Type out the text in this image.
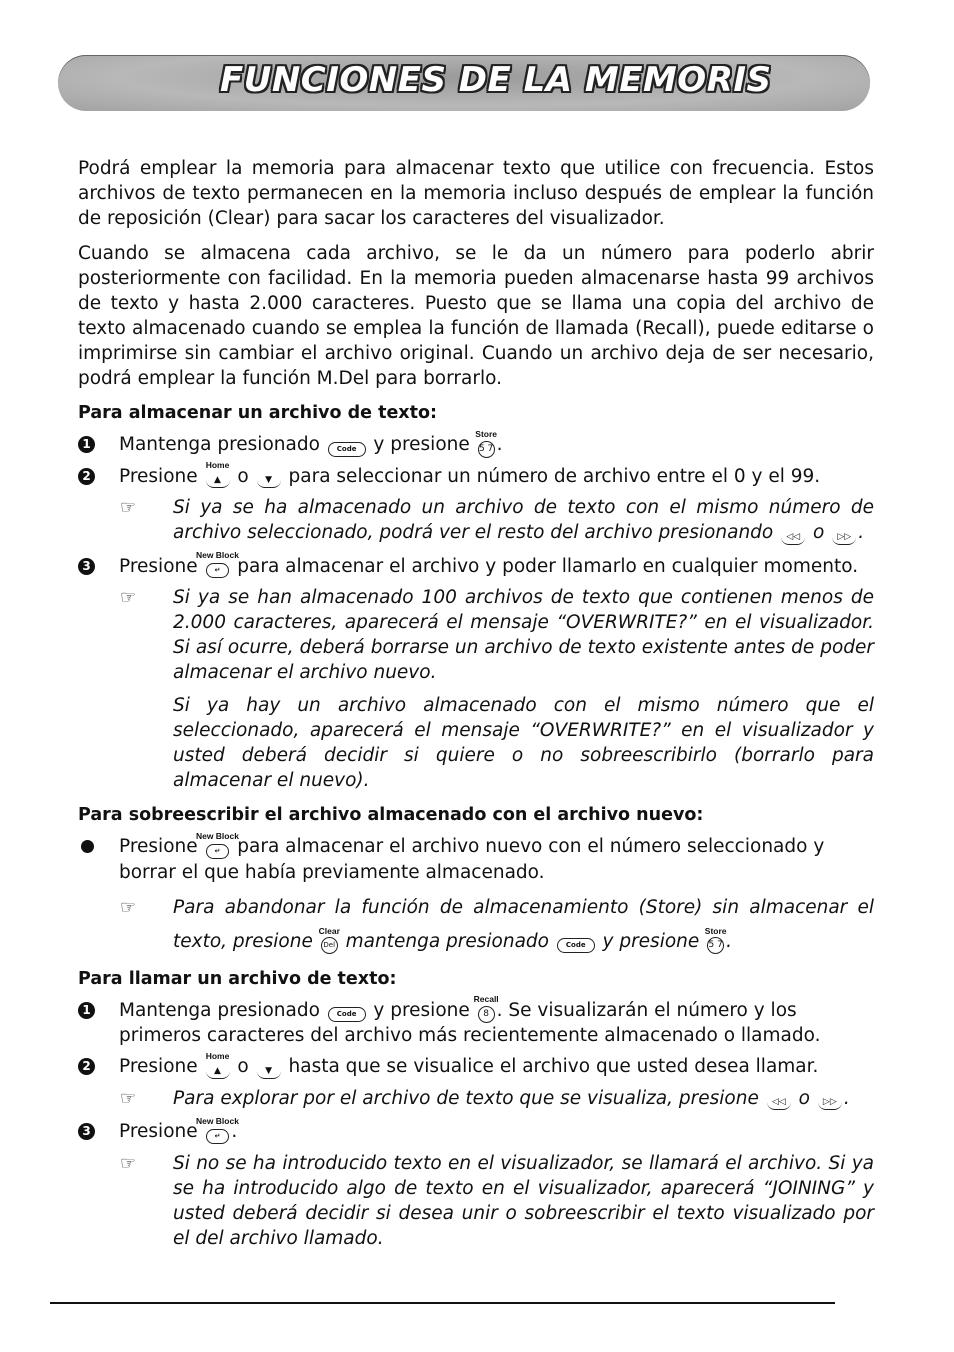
FUNCIONES DE LA MEMORIS

Podrá emplear la memoria para almacenar texto que utilice con frecuencia. Estos archivos de texto permanecen en la memoria incluso después de emplear la función de reposición (Clear) para sacar los caracteres del visualizador.

Cuando se almacena cada archivo, se le da un número para poderlo abrir posteriormente con facilidad. En la memoria pueden almacenarse hasta 99 archivos de texto y hasta 2.000 caracteres. Puesto que se llama una copia del archivo de texto almacenado cuando se emplea la función de llamada (Recall), puede editarse o imprimirse sin cambiar el archivo original. Cuando un archivo deja de ser necesario, podrá emplear la función M.Del para borrarlo.

Para almacenar un archivo de texto:
1 Mantenga presionado Code y presione
Store
5 7 .
2 Presione
Home
▲ o ▼ para seleccionar un número de archivo entre el 0 y el 99.
☞ Si ya se ha almacenado un archivo de texto con el mismo número de archivo seleccionado, podrá ver el resto del archivo presionando ◁◁ o ▷▷ .
3 Presione
New Block
↵ para almacenar el archivo y poder llamarlo en cualquier momento.
☞ Si ya se han almacenado 100 archivos de texto que contienen menos de 2.000 caracteres, aparecerá el mensaje “OVERWRITE?” en el visualizador. Si así ocurre, deberá borrarse un archivo de texto existente antes de poder almacenar el archivo nuevo.
Si ya hay un archivo almacenado con el mismo número que el seleccionado, aparecerá el mensaje “OVERWRITE?” en el visualizador y usted deberá decidir si quiere o no sobreescribirlo (borrarlo para almacenar el nuevo).
Para sobreescribir el archivo almacenado con el archivo nuevo:
Presione
New Block
↵ para almacenar el archivo nuevo con el número seleccionado y borrar el que había previamente almacenado.
☞ Para abandonar la función de almacenamiento (Store) sin almacenar el texto, presione Clear
Del mantenga presionado Code y presione Store
5 7 .
Para llamar un archivo de texto:
1 Mantenga presionado Code y presione
Recall
8 . Se visualizarán el número y los primeros caracteres del archivo más recientemente almacenado o llamado.
2 Presione
Home
▲ o ▼ hasta que se visualice el archivo que usted desea llamar.
☞ Para explorar por el archivo de texto que se visualiza, presione ◁◁ o ▷▷ .
3 Presione
New Block
↵ .
☞ Si no se ha introducido texto en el visualizador, se llamará el archivo. Si ya se ha introducido algo de texto en el visualizador, aparecerá “JOINING” y usted deberá decidir si desea unir o sobreescribir el texto visualizado por el del archivo llamado.
